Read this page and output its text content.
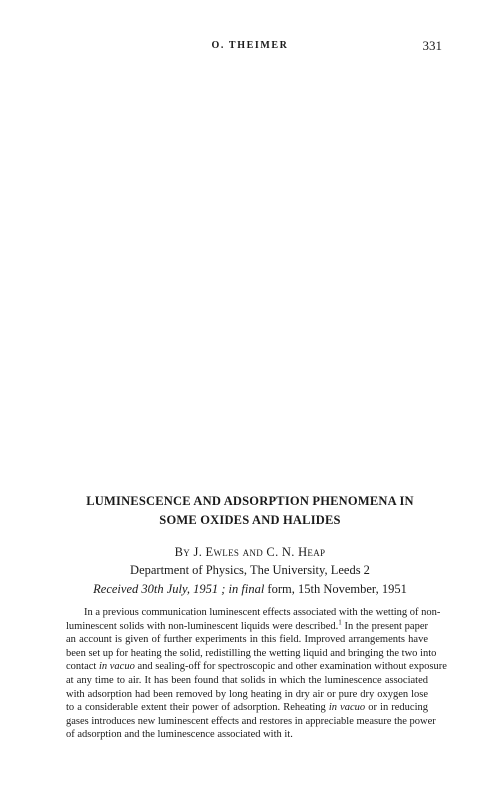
O. THEIMER	331
LUMINESCENCE AND ADSORPTION PHENOMENA IN
SOME OXIDES AND HALIDES
By J. Ewles and C. N. Heap
Department of Physics, The University, Leeds 2
Received 30th July, 1951 ; in final form, 15th November, 1951
In a previous communication luminescent effects associated with the wetting of non-
luminescent solids with non-luminescent liquids were described.$^1$ In the present paper
an account is given of further experiments in this field. Improved arrangements have
been set up for heating the solid, redistilling the wetting liquid and bringing the two into
contact in vacuo and sealing-off for spectroscopic and other examination without exposure
at any time to air. It has been found that solids in which the luminescence associated
with adsorption had been removed by long heating in dry air or pure dry oxygen lose
to a considerable extent their power of adsorption. Reheating in vacuo or in reducing
gases introduces new luminescent effects and restores in appreciable measure the power
of adsorption and the luminescence associated with it.
